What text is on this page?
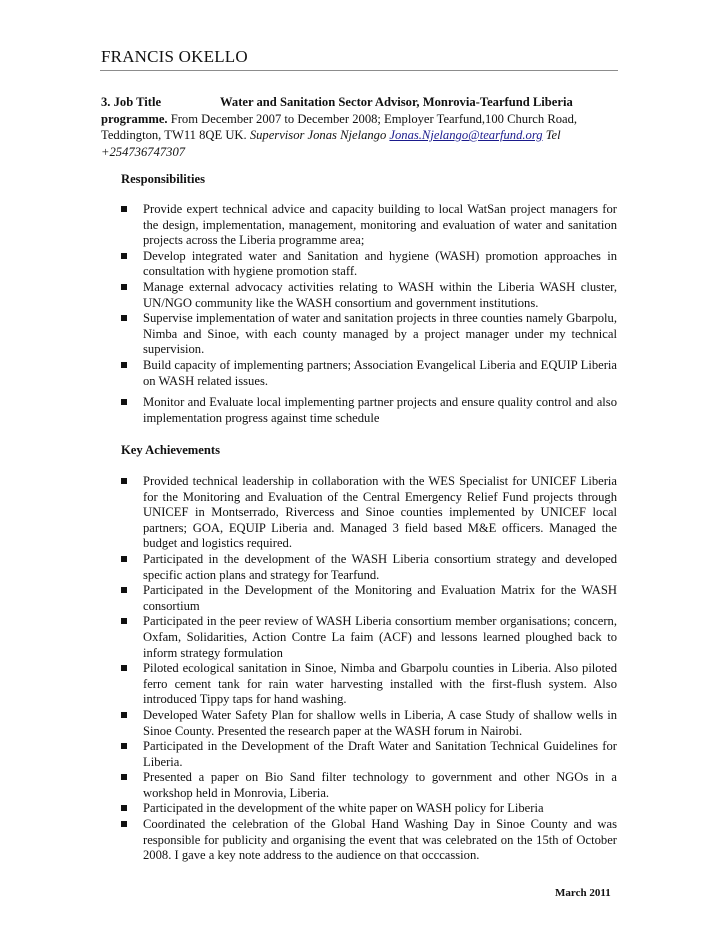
FRANCIS OKELLO
3. Job Title	Water and Sanitation Sector Advisor, Monrovia-Tearfund Liberia programme. From December 2007 to December 2008; Employer Tearfund,100 Church Road, Teddington, TW11 8QE UK. Supervisor Jonas Njelango Jonas.Njelango@tearfund.org Tel +254736747307
Responsibilities
Provide expert technical advice and capacity building to local WatSan project managers for the design, implementation, management, monitoring and evaluation of water and sanitation projects across the Liberia programme area;
Develop integrated water and Sanitation and hygiene (WASH) promotion approaches in consultation with hygiene promotion staff.
Manage external advocacy activities relating to WASH within the Liberia WASH cluster, UN/NGO community like the WASH consortium and government institutions.
Supervise implementation of water and sanitation projects in three counties namely Gbarpolu, Nimba and Sinoe, with each county managed by a project manager under my technical supervision.
Build capacity of implementing partners; Association Evangelical Liberia and EQUIP Liberia on WASH related issues.
Monitor and Evaluate local implementing partner projects and ensure quality control and also implementation progress against time schedule
Key Achievements
Provided technical leadership in collaboration with the WES Specialist for UNICEF Liberia for the Monitoring and Evaluation of the Central Emergency Relief Fund projects through UNICEF in Montserrado, Rivercess and Sinoe counties implemented by UNICEF local partners; GOA, EQUIP Liberia and. Managed 3 field based M&E officers. Managed the budget and logistics required.
Participated in the development of the WASH Liberia consortium strategy and developed specific action plans and strategy for Tearfund.
Participated in the Development of the Monitoring and Evaluation Matrix for the WASH consortium
Participated in the peer review of WASH Liberia consortium member organisations; concern, Oxfam, Solidarities, Action Contre La faim (ACF) and lessons learned ploughed back to inform strategy formulation
Piloted ecological sanitation in Sinoe, Nimba and Gbarpolu counties in Liberia. Also piloted ferro cement tank for rain water harvesting installed with the first-flush system. Also introduced Tippy taps for hand washing.
Developed Water Safety Plan for shallow wells in Liberia, A case Study of shallow wells in Sinoe County. Presented the research paper at the WASH forum in Nairobi.
Participated in the Development of the Draft Water and Sanitation Technical Guidelines for Liberia.
Presented a paper on Bio Sand filter technology to government and other NGOs in a workshop held in Monrovia, Liberia.
Participated in the development of the white paper on WASH policy for Liberia
Coordinated the celebration of the Global Hand Washing Day in Sinoe County and was responsible for publicity and organising the event that was celebrated on the 15th of October 2008. I gave a key note address to the audience on that occcassion.
March 2011
